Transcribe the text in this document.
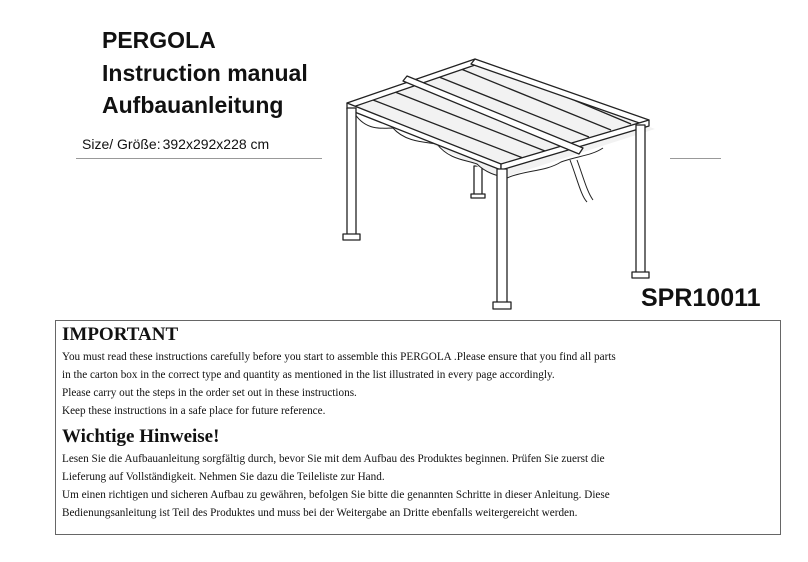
PERGOLA
Instruction manual
Aufbauanleitung
Size/ Größe: 392x292x228 cm
SPR10011
IMPORTANT

You must read these instructions carefully before you start to assemble this PERGOLA .Please ensure that you find all parts

in the carton box in the correct type and quantity as mentioned in the list illustrated in every page accordingly.

Please carry out the steps in the order set out in these instructions.

Keep these instructions in a safe place for future reference.

Wichtige Hinweise!

Lesen Sie die Aufbauanleitung sorgfältig durch, bevor Sie mit dem Aufbau des Produktes beginnen. Prüfen Sie zuerst die

Lieferung auf Vollständigkeit. Nehmen Sie dazu die Teileliste zur Hand.

Um einen richtigen und sicheren Aufbau zu gewähren, befolgen Sie bitte die genannten Schritte in dieser Anleitung. Diese

Bedienungsanleitung ist Teil des Produktes und muss bei der Weitergabe an Dritte ebenfalls weitergereicht werden.
